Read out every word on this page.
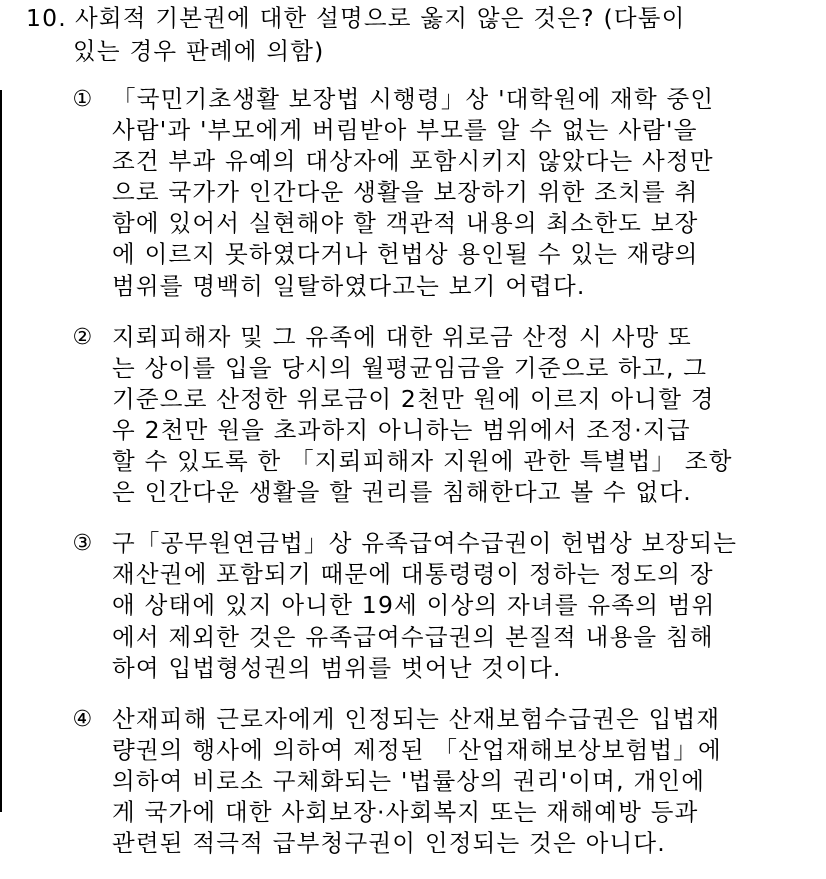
10. 사회적 기본권에 대한 설명으로 옳지 않은 것은? (다툼이
있는 경우 판례에 의함)
① 「국민기초생활 보장법 시행령」상 '대학원에 재학 중인
사람'과 '부모에게 버림받아 부모를 알 수 없는 사람'을
조건 부과 유예의 대상자에 포함시키지 않았다는 사정만
으로 국가가 인간다운 생활을 보장하기 위한 조치를 취
함에 있어서 실현해야 할 객관적 내용의 최소한도 보장
에 이르지 못하였다거나 헌법상 용인될 수 있는 재량의
범위를 명백히 일탈하였다고는 보기 어렵다.
② 지뢰피해자 및 그 유족에 대한 위로금 산정 시 사망 또
는 상이를 입을 당시의 월평균임금을 기준으로 하고, 그
기준으로 산정한 위로금이 2천만 원에 이르지 아니할 경
우 2천만 원을 초과하지 아니하는 범위에서 조정·지급
할 수 있도록 한 「지뢰피해자 지원에 관한 특별법」 조항
은 인간다운 생활을 할 권리를 침해한다고 볼 수 없다.
③ 구「공무원연금법」상 유족급여수급권이 헌법상 보장되는
재산권에 포함되기 때문에 대통령령이 정하는 정도의 장
애 상태에 있지 아니한 19세 이상의 자녀를 유족의 범위
에서 제외한 것은 유족급여수급권의 본질적 내용을 침해
하여 입법형성권의 범위를 벗어난 것이다.
④ 산재피해 근로자에게 인정되는 산재보험수급권은 입법재
량권의 행사에 의하여 제정된 「산업재해보상보험법」에
의하여 비로소 구체화되는 '법률상의 권리'이며, 개인에
게 국가에 대한 사회보장·사회복지 또는 재해예방 등과
관련된 적극적 급부청구권이 인정되는 것은 아니다.
